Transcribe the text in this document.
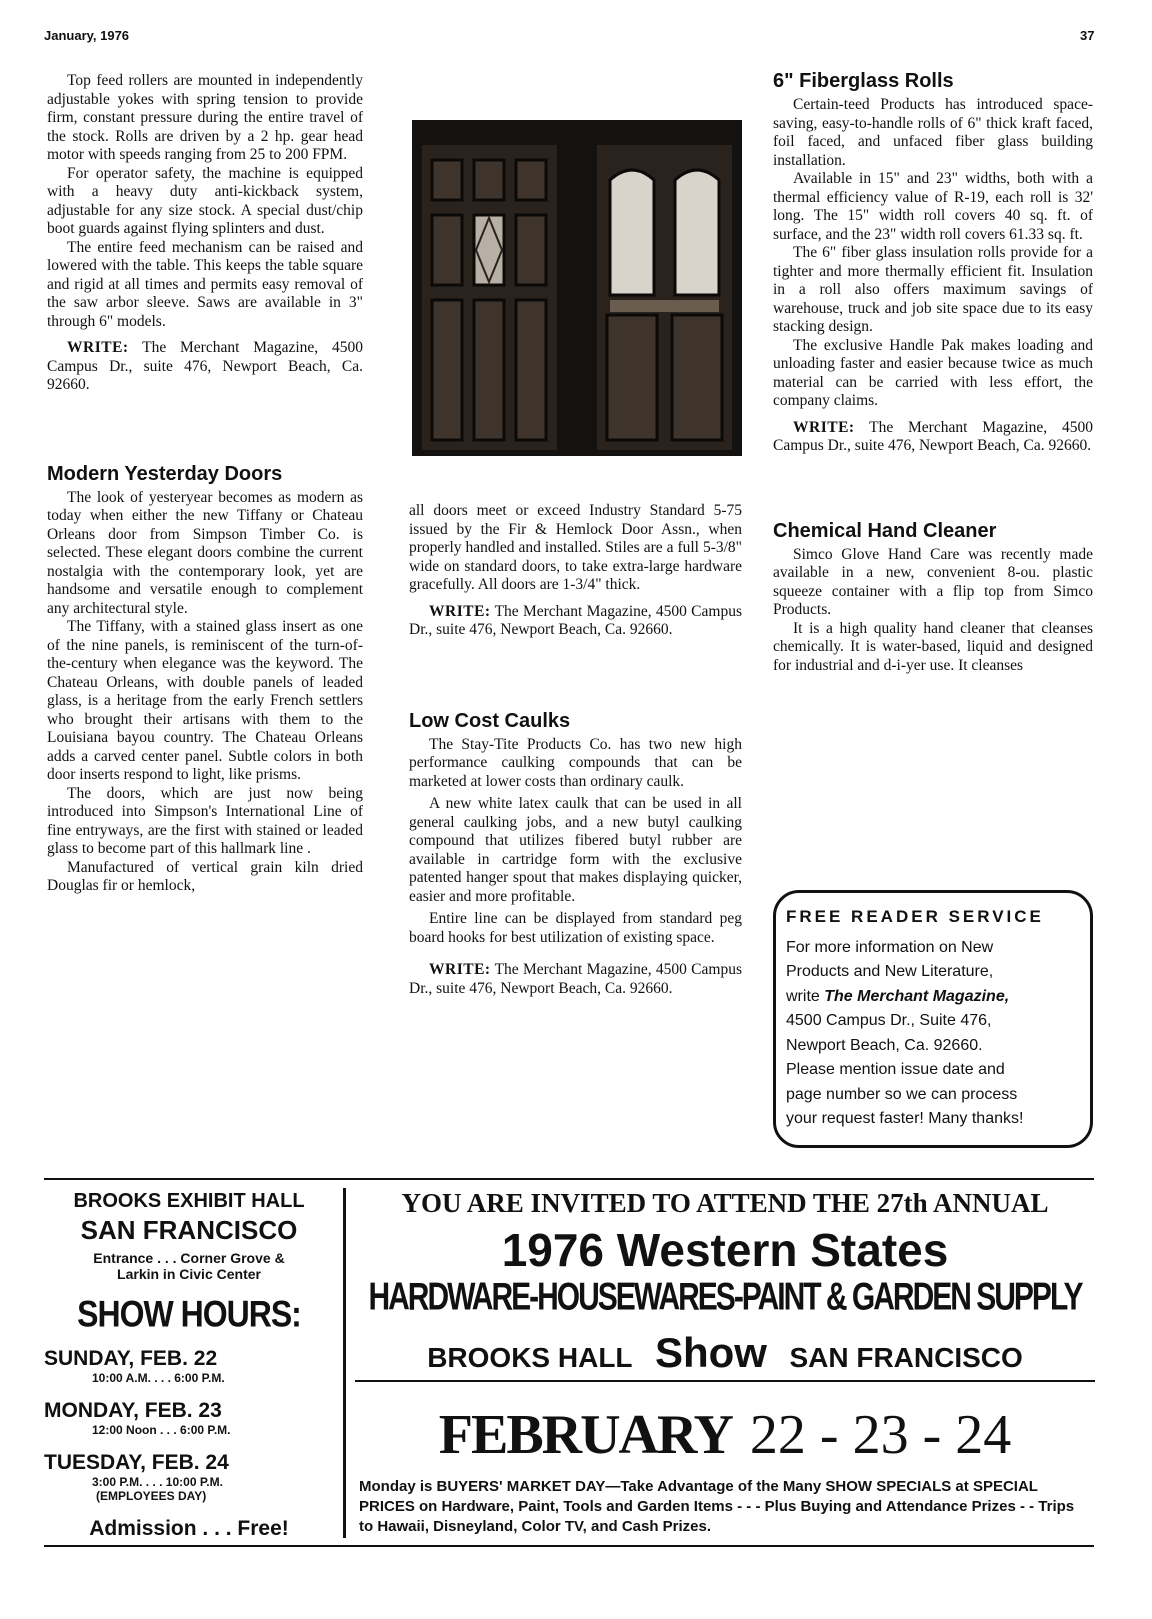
January, 1976	37

Top feed rollers are mounted in independently adjustable yokes with spring tension to provide firm, constant pressure during the entire travel of the stock. Rolls are driven by a 2 hp. gear head motor with speeds ranging from 25 to 200 FPM.

For operator safety, the machine is equipped with a heavy duty anti-kickback system, adjustable for any size stock. A special dust/chip boot guards against flying splinters and dust.

The entire feed mechanism can be raised and lowered with the table. This keeps the table square and rigid at all times and permits easy removal of the saw arbor sleeve. Saws are available in 3" through 6" models.

WRITE: The Merchant Magazine, 4500 Campus Dr., suite 476, Newport Beach, Ca. 92660.

Modern Yesterday Doors

The look of yesteryear becomes as modern as today when either the new Tiffany or Chateau Orleans door from Simpson Timber Co. is selected. These elegant doors combine the current nostalgia with the contemporary look, yet are handsome and versatile enough to complement any architectural style.

The Tiffany, with a stained glass insert as one of the nine panels, is reminiscent of the turn-of-the-century when elegance was the keyword. The Chateau Orleans, with double panels of leaded glass, is a heritage from the early French settlers who brought their artisans with them to the Louisiana bayou country. The Chateau Orleans adds a carved center panel. Subtle colors in both door inserts respond to light, like prisms.

The doors, which are just now being introduced into Simpson's International Line of fine entryways, are the first with stained or leaded glass to become part of this hallmark line .

Manufactured of vertical grain kiln dried Douglas fir or hemlock,

all doors meet or exceed Industry Standard 5-75 issued by the Fir & Hemlock Door Assn., when properly handled and installed. Stiles are a full 5-3/8" wide on standard doors, to take extra-large hardware gracefully. All doors are 1-3/4" thick.

WRITE: The Merchant Magazine, 4500 Campus Dr., suite 476, Newport Beach, Ca. 92660.

Low Cost Caulks

The Stay-Tite Products Co. has two new high performance caulking compounds that can be marketed at lower costs than ordinary caulk.

A new white latex caulk that can be used in all general caulking jobs, and a new butyl caulking compound that utilizes fibered butyl rubber are available in cartridge form with the exclusive patented hanger spout that makes displaying quicker, easier and more profitable.

Entire line can be displayed from standard peg board hooks for best utilization of existing space.

WRITE: The Merchant Magazine, 4500 Campus Dr., suite 476, Newport Beach, Ca. 92660.

6" Fiberglass Rolls

Certain-teed Products has introduced space-saving, easy-to-handle rolls of 6" thick kraft faced, foil faced, and unfaced fiber glass building installation.

Available in 15" and 23" widths, both with a thermal efficiency value of R-19, each roll is 32' long. The 15" width roll covers 40 sq. ft. of surface, and the 23" width roll covers 61.33 sq. ft.

The 6" fiber glass insulation rolls provide for a tighter and more thermally efficient fit. Insulation in a roll also offers maximum savings of warehouse, truck and job site space due to its easy stacking design.

The exclusive Handle Pak makes loading and unloading faster and easier because twice as much material can be carried with less effort, the company claims.

WRITE: The Merchant Magazine, 4500 Campus Dr., suite 476, Newport Beach, Ca. 92660.

Chemical Hand Cleaner

Simco Glove Hand Care was recently made available in a new, convenient 8-ou. plastic squeeze container with a flip top from Simco Products.

It is a high quality hand cleaner that cleanses chemically. It is water-based, liquid and designed for industrial and d-i-yer use. It cleanses

FREE READER SERVICE
For more information on New
Products and New Literature,
write The Merchant Magazine,
4500 Campus Dr., Suite 476,
Newport Beach, Ca. 92660.
Please mention issue date and
page number so we can process
your request faster! Many thanks!
BROOKS EXHIBIT HALL
SAN FRANCISCO
Entrance . . . Corner Grove &
Larkin in Civic Center
SHOW HOURS:
SUNDAY, FEB. 22
10:00 A.M. . . . 6:00 P.M.
MONDAY, FEB. 23
12:00 Noon . . . 6:00 P.M.
TUESDAY, FEB. 24
3:00 P.M. . . . 10:00 P.M.
(EMPLOYEES DAY)
Admission . . . Free!
YOU ARE INVITED TO ATTEND THE 27th ANNUAL
1976 Western States
HARDWARE-HOUSEWARES-PAINT & GARDEN SUPPLY
BROOKS HALL Show SAN FRANCISCO
FEBRUARY 22 - 23 - 24
Monday is BUYERS' MARKET DAY—Take Advantage of the Many SHOW SPECIALS at SPECIAL PRICES on Hardware, Paint, Tools and Garden Items - - - Plus Buying and Attendance Prizes - - Trips to Hawaii, Disneyland, Color TV, and Cash Prizes.
